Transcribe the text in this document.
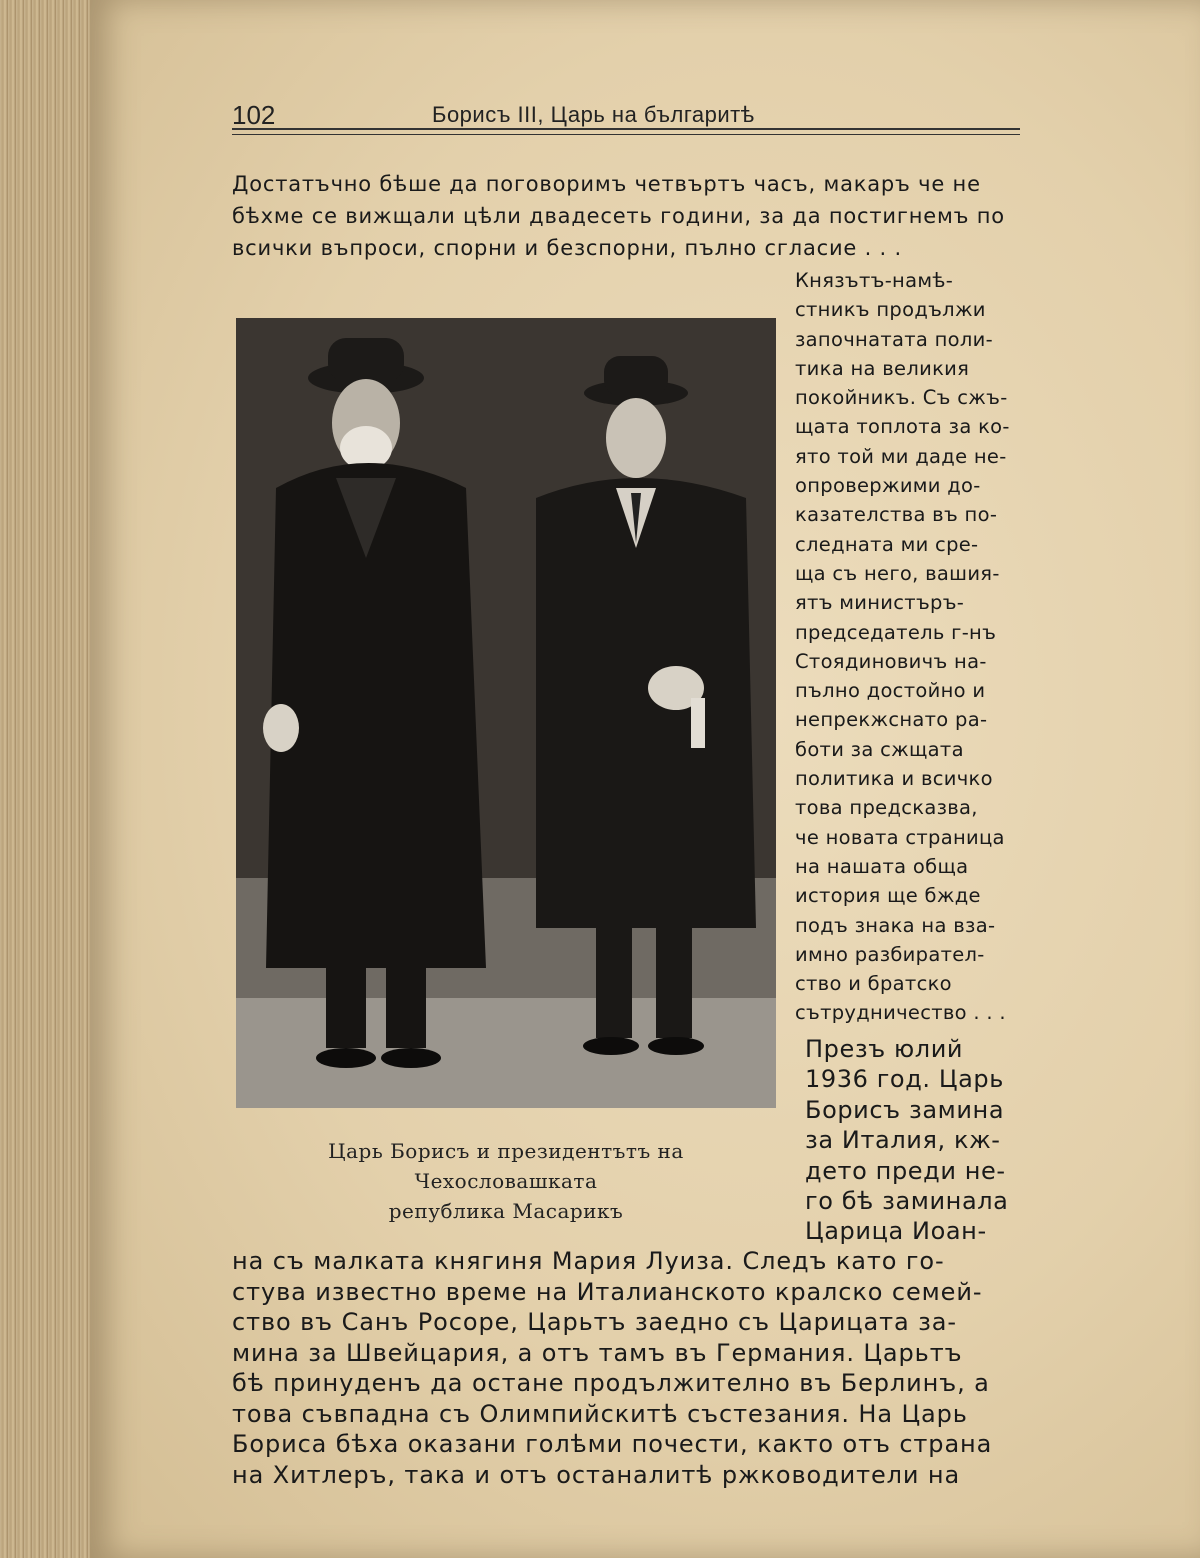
102	Борисъ III, Царь на българитѣ
Достатъчно бѣше да поговоримъ четвъртъ часъ, макаръ че не
бѣхме се вижщали цѣли двадесеть години, за да постигнемъ по
всички въпроси, спорни и безспорни, пълно сгласие . . .
Царь Борисъ и президентътъ на Чехословашката
република Масарикъ
Князътъ-намѣ-
стникъ продължи
започнатата поли-
тика на великия
покойникъ. Съ сжъ-
щата топлота за ко-
ято той ми даде не-
опровержими до-
казателства въ по-
следната ми сре-
ща съ него, вашия-
ятъ министъръ-
председатель г-нъ
Стоядиновичъ на-
пълно достойно и
непрекжснато ра-
боти за сжщата
политика и всичко
това предсказва,
че новата страница
на нашата обща
история ще бжде
подъ знака на вза-
имно разбирател-
ство и братско
сътрудничество . . .
Презъ юлий
1936 год. Царь
Борисъ замина
за Италия, кж-
дето преди не-
го бѣ заминала
Царица Иоан-
на съ малката княгиня Мария Луиза. Следъ като го-
стува известно време на Италианското кралско семей-
ство въ Санъ Росоре, Царьтъ заедно съ Царицата за-
мина за Швейцария, а отъ тамъ въ Германия. Царьтъ
бѣ принуденъ да остане продължително въ Берлинъ, а
това съвпадна съ Олимпийскитѣ състезания. На Царь
Бориса бѣха оказани голѣми почести, както отъ страна
на Хитлеръ, така и отъ останалитѣ ржководители на
